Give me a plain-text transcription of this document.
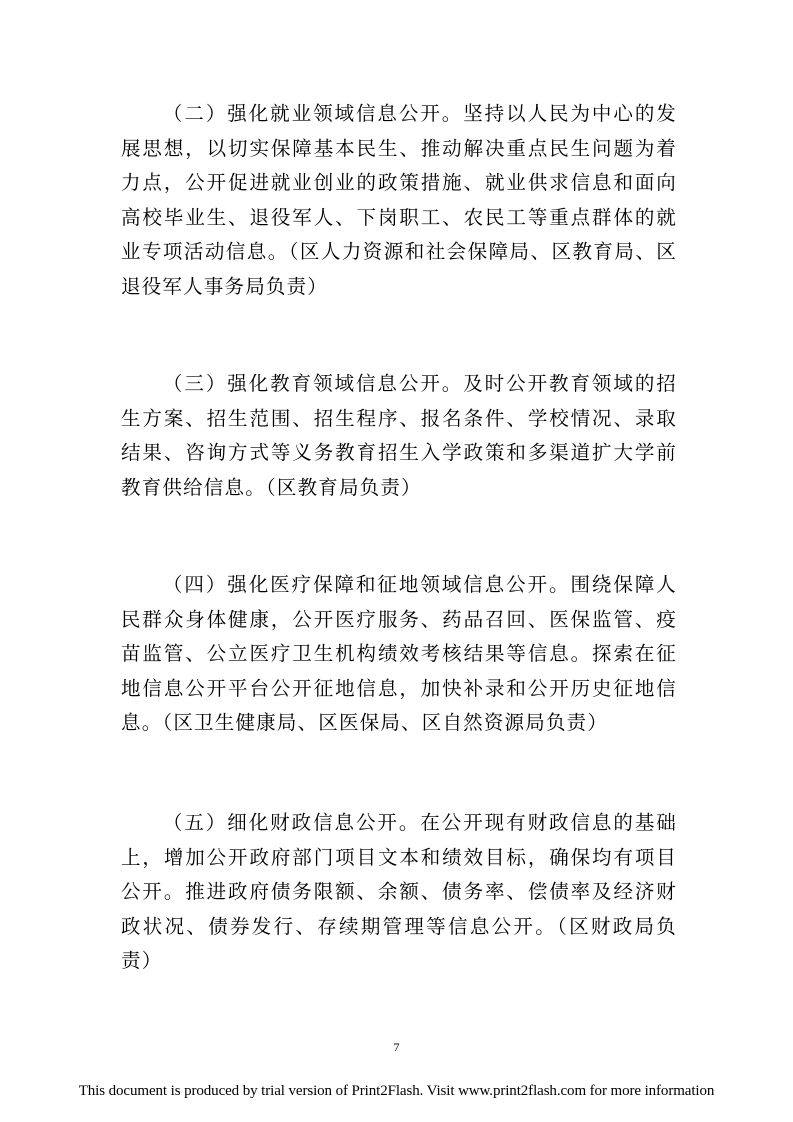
（二）强化就业领域信息公开。坚持以人民为中心的发展思想，以切实保障基本民生、推动解决重点民生问题为着力点，公开促进就业创业的政策措施、就业供求信息和面向高校毕业生、退役军人、下岗职工、农民工等重点群体的就业专项活动信息。（区人力资源和社会保障局、区教育局、区退役军人事务局负责）

（三）强化教育领域信息公开。及时公开教育领域的招生方案、招生范围、招生程序、报名条件、学校情况、录取结果、咨询方式等义务教育招生入学政策和多渠道扩大学前教育供给信息。（区教育局负责）

（四）强化医疗保障和征地领域信息公开。围绕保障人民群众身体健康，公开医疗服务、药品召回、医保监管、疫苗监管、公立医疗卫生机构绩效考核结果等信息。探索在征地信息公开平台公开征地信息，加快补录和公开历史征地信息。（区卫生健康局、区医保局、区自然资源局负责）

（五）细化财政信息公开。在公开现有财政信息的基础上，增加公开政府部门项目文本和绩效目标，确保均有项目公开。推进政府债务限额、余额、债务率、偿债率及经济财政状况、债券发行、存续期管理等信息公开。（区财政局负责）

7
This document is produced by trial version of Print2Flash. Visit www.print2flash.com for more information
